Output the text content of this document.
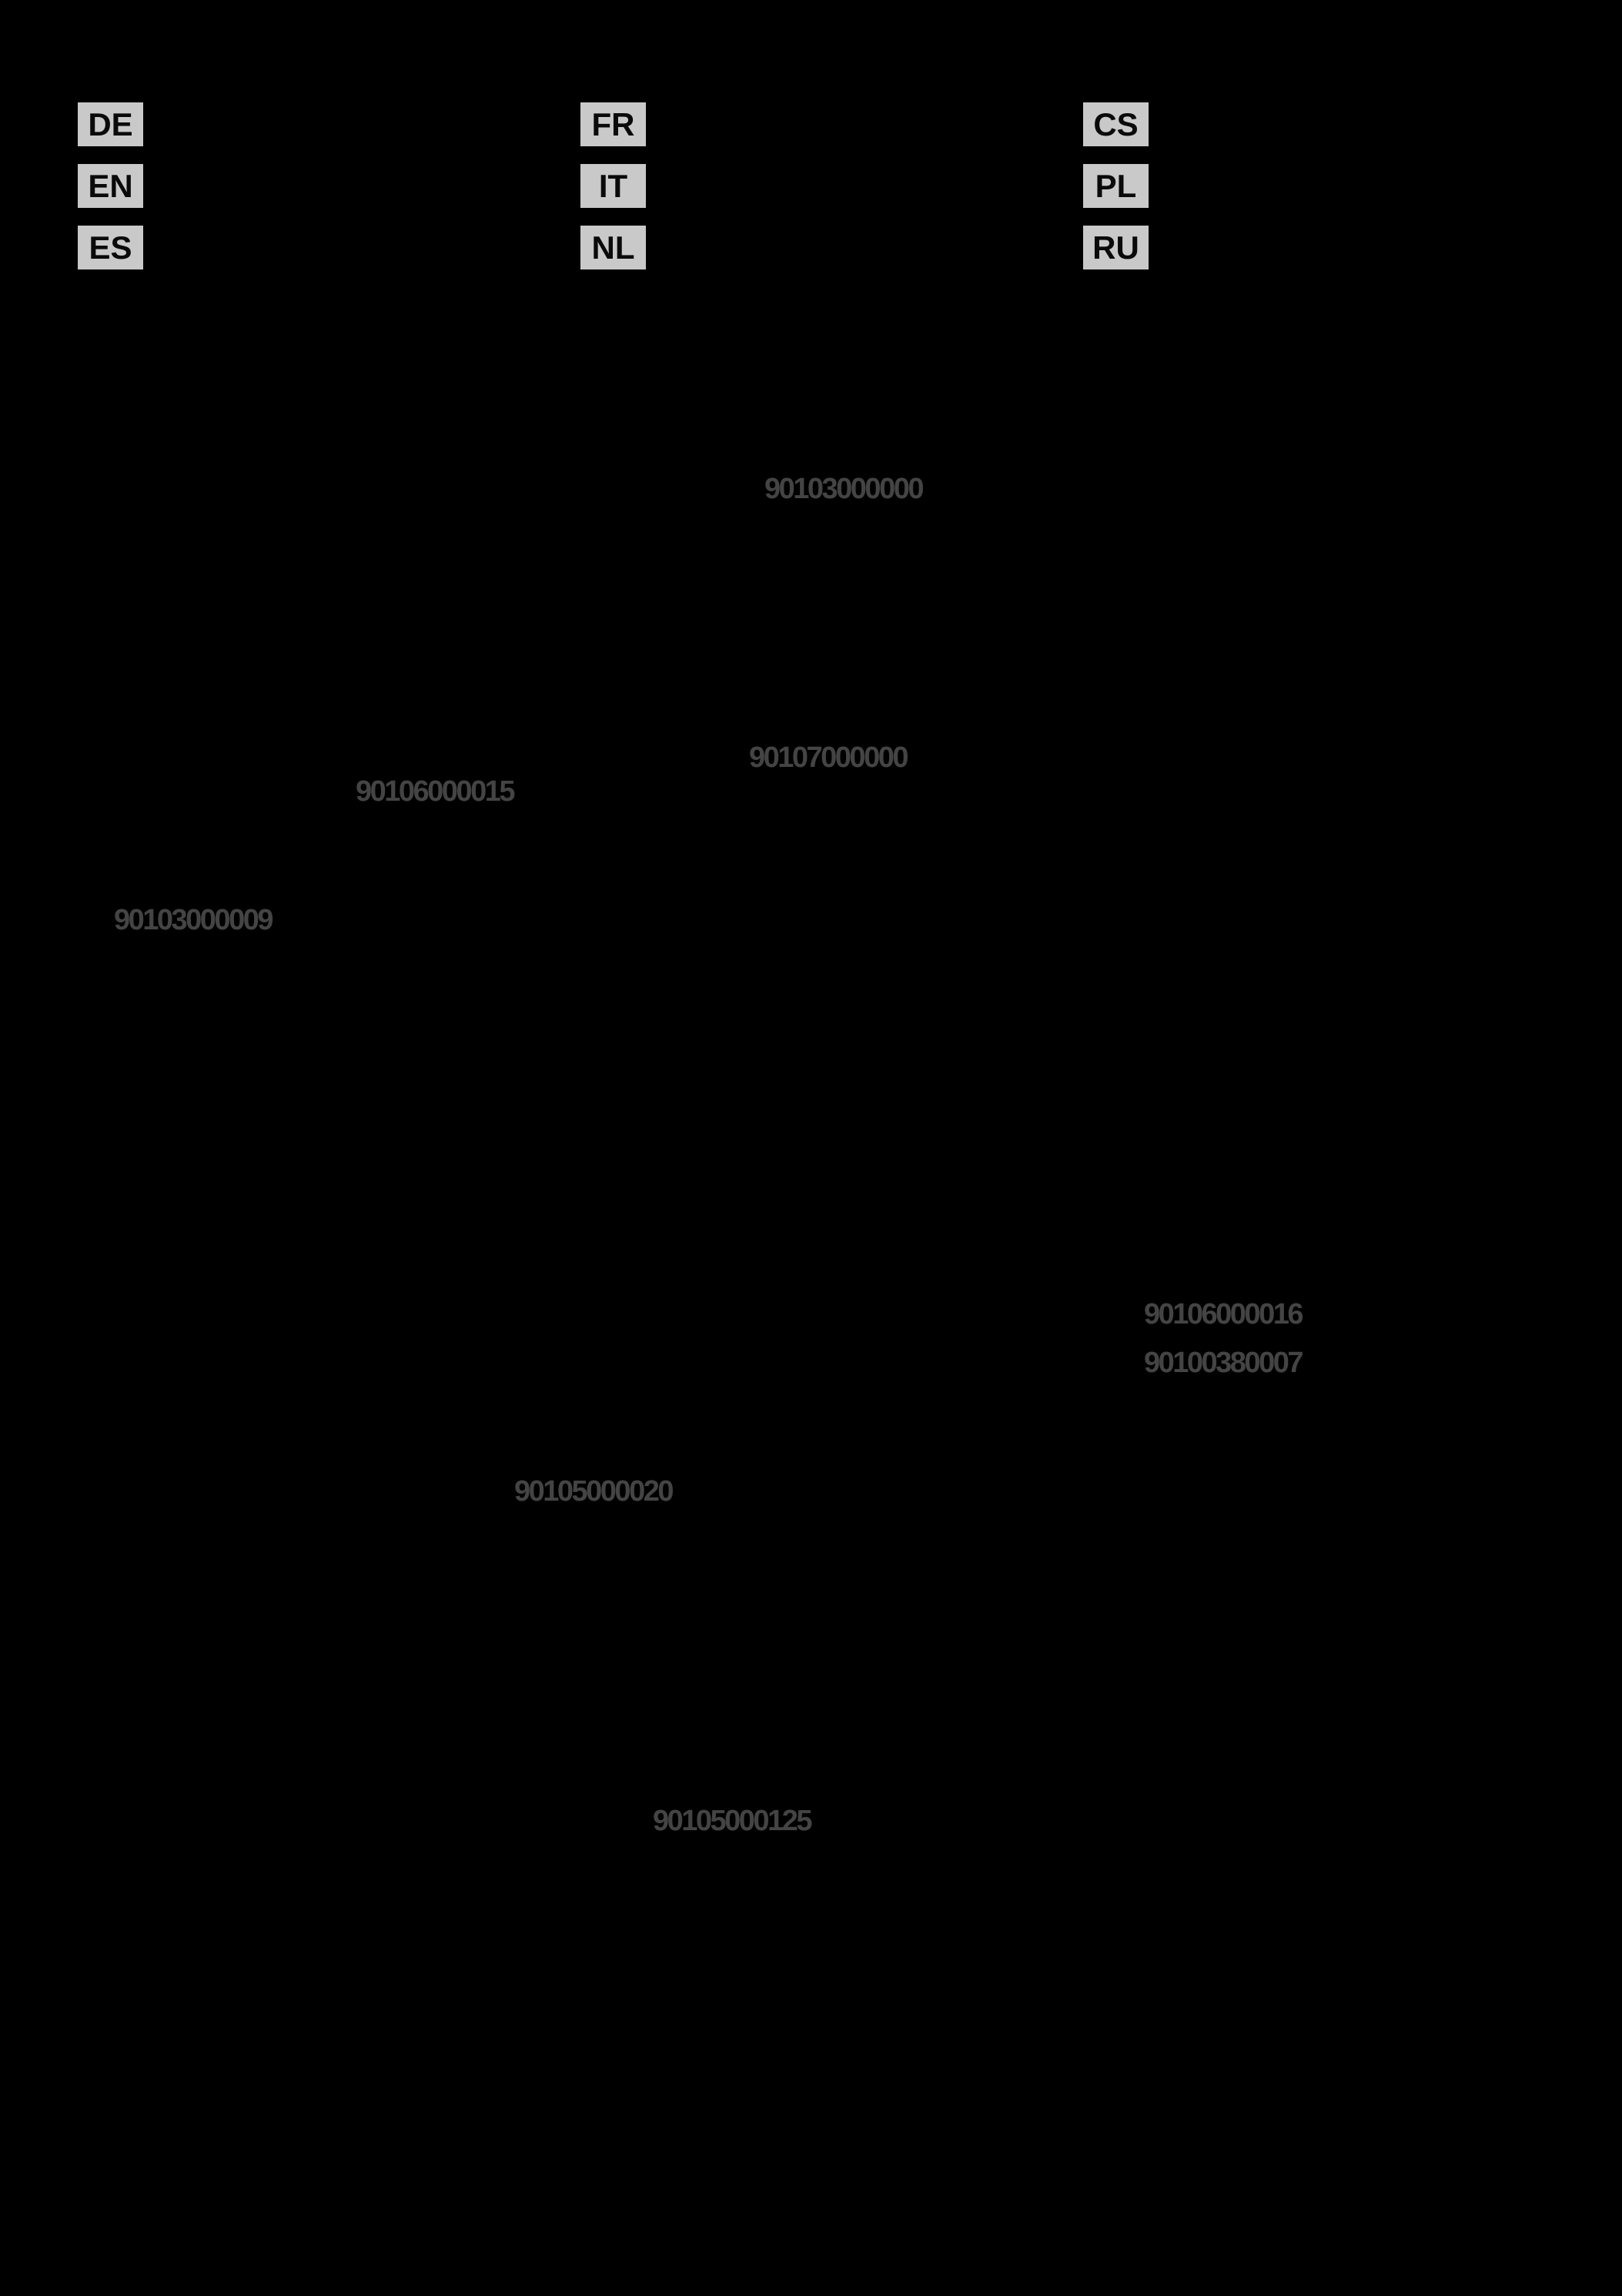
DE
EN
ES
FR
IT
NL
CS
PL
RU
90103000000
90107000000
90106000015
90103000009
90106000016
90100380007
90105000020
90105000125
